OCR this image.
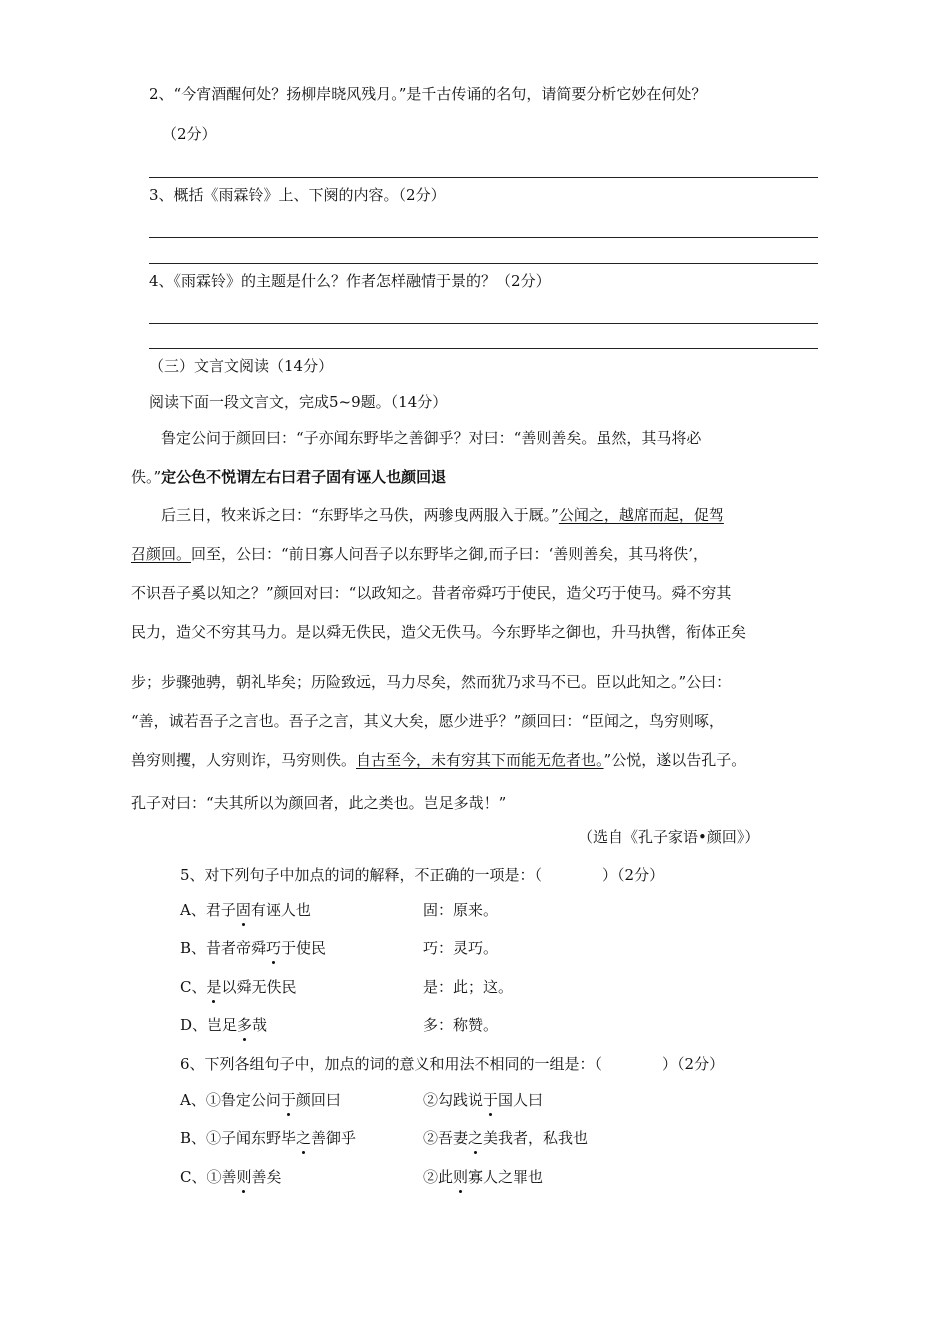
2、“今宵酒醒何处？扬柳岸晓风残月。”是千古传诵的名句，请简要分析它妙在何处？
（2分）
3、概括《雨霖铃》上、下阕的内容。（2分）
4、《雨霖铃》的主题是什么？作者怎样融情于景的？（2分）
（三）文言文阅读（14分）
阅读下面一段文言文，完成5~9题。（14分）
鲁定公问于颜回曰：“子亦闻东野毕之善御乎？对曰：“善则善矣。虽然，其马将必
佚。”定公色不悦谓左右曰君子固有诬人也颜回退
后三日，牧来诉之曰：“东野毕之马佚，两骖曳两服入于厩。”公闻之，越席而起，促驾
召颜回。回至，公曰：“前日寡人问吾子以东野毕之御,而子曰：‘善则善矣，其马将佚’，
不识吾子奚以知之？”颜回对曰：“以政知之。昔者帝舜巧于使民，造父巧于使马。舜不穷其
民力，造父不穷其马力。是以舜无佚民，造父无佚马。今东野毕之御也，升马执辔，衔体正矣
步；步骤弛骋，朝礼毕矣；历险致远，马力尽矣，然而犹乃求马不已。臣以此知之。”公曰：
“善，诚若吾子之言也。吾子之言，其义大矣，愿少进乎？”颜回曰：“臣闻之，鸟穷则啄，
兽穷则攫，人穷则诈，马穷则佚。自古至今，未有穷其下而能无危者也。”公悦，遂以告孔子。
孔子对曰：“夫其所以为颜回者，此之类也。岂足多哉！”
（选自《孔子家语•颜回》）
5、对下列句子中加点的词的解释，不正确的一项是：（　　　　）（2分）
A、君子固有诬人也	固：原来。
B、昔者帝舜巧于使民	巧：灵巧。
C、是以舜无佚民	是：此；这。
D、岂足多哉	多：称赞。
6、下列各组句子中，加点的词的意义和用法不相同的一组是：（　　　　）（2分）
A、①鲁定公问于颜回曰	②勾践说于国人曰
B、①子闻东野毕之善御乎	②吾妻之美我者，私我也
C、①善则善矣	②此则寡人之罪也
